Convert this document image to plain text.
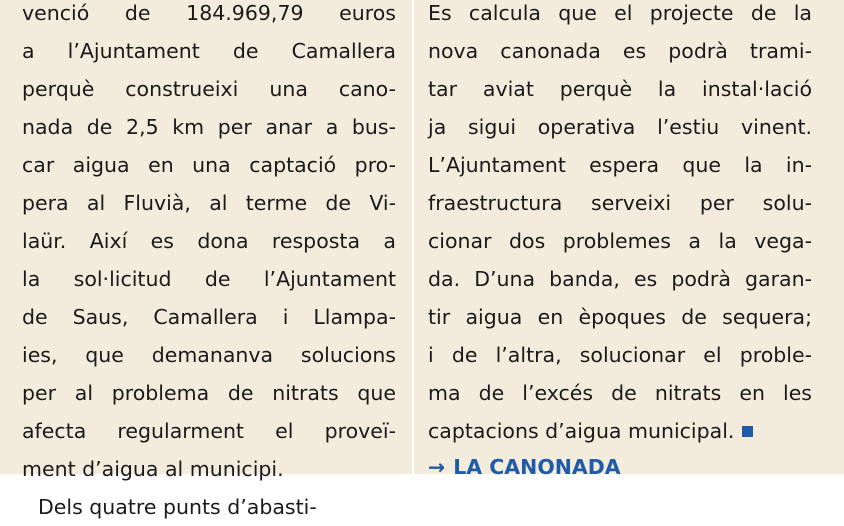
venció de 184.969,79 euros
a l’Ajuntament de Camallera
perquè construeixi una cano-
nada de 2,5 km per anar a bus-
car aigua en una captació pro-
pera al Fluvià, al terme de Vi-
laür. Així es dona resposta a
la sol·licitud de l’Ajuntament
de Saus, Camallera i Llampa-
ies, que demananva solucions
per al problema de nitrats que
afecta regularment el proveï-
ment d’aigua al municipi.
Dels quatre punts d’abasti-
Es calcula que el projecte de la
nova canonada es podrà trami-
tar aviat perquè la instal·lació
ja sigui operativa l’estiu vinent.
L’Ajuntament espera que la in-
fraestructura serveixi per solu-
cionar dos problemes a la vega-
da. D’una banda, es podrà garan-
tir aigua en èpoques de sequera;
i de l’altra, solucionar el proble-
ma de l’excés de nitrats en les
captacions d’aigua municipal.
→ LA CANONADA
